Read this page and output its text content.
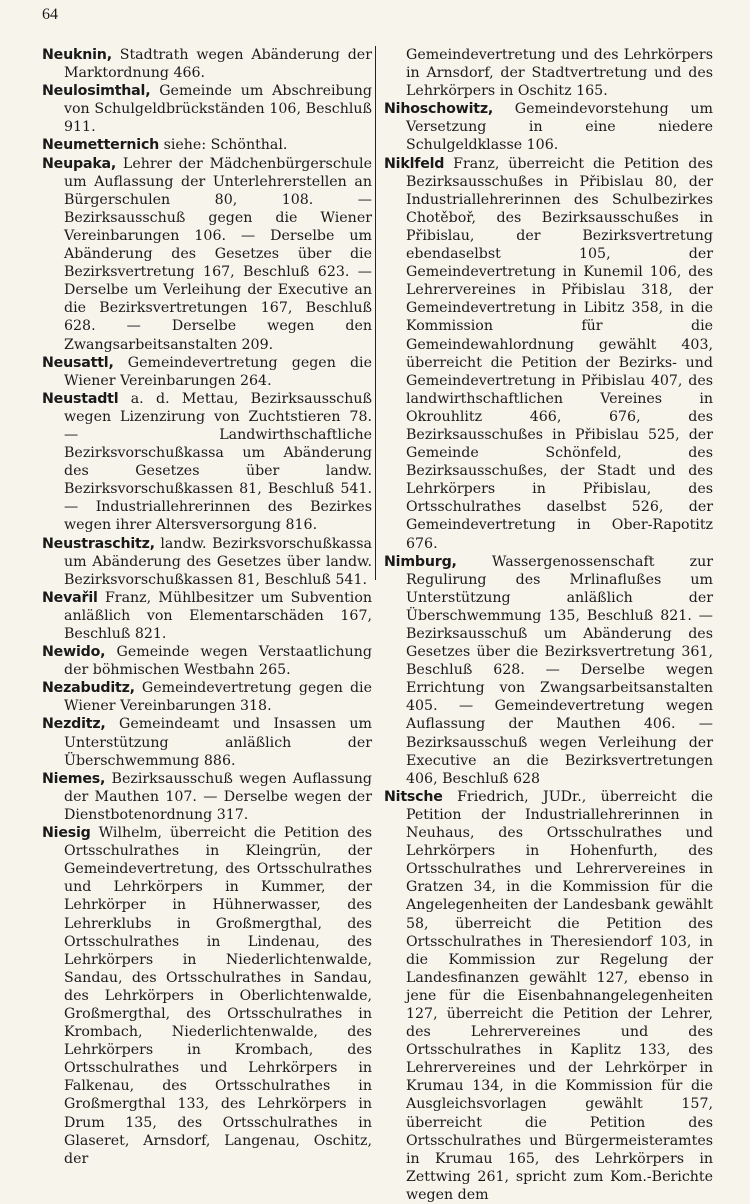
64

Neuknin, Stadtrath wegen Abänderung der Marktordnung 466.

Neulosimthal, Gemeinde um Abschreibung von Schulgeldbrückständen 106, Beschluß 911.

Neumetternich siehe: Schönthal.

Neupaka, Lehrer der Mädchenbürgerschule um Auflassung der Unterlehrerstellen an Bürgerschulen 80, 108. — Bezirksausschuß gegen die Wiener Vereinbarungen 106. — Derselbe um Abänderung des Gesetzes über die Bezirksvertretung 167, Beschluß 623. — Derselbe um Verleihung der Executive an die Bezirksvertretungen 167, Beschluß 628. — Derselbe wegen den Zwangsarbeitsanstalten 209.

Neusattl, Gemeindevertretung gegen die Wiener Vereinbarungen 264.

Neustadtl a. d. Mettau, Bezirksausschuß wegen Lizenzirung von Zuchtstieren 78. — Landwirthschaftliche Bezirksvorschußkassa um Abänderung des Gesetzes über landw. Bezirksvorschußkassen 81, Beschluß 541. — Industriallehrerinnen des Bezirkes wegen ihrer Altersversorgung 816.

Neustraschitz, landw. Bezirksvorschußkassa um Abänderung des Gesetzes über landw. Bezirksvorschußkassen 81, Beschluß 541.

Nevařil Franz, Mühlbesitzer um Subvention anläßlich von Elementarschäden 167, Beschluß 821.

Newido, Gemeinde wegen Verstaatlichung der böhmischen Westbahn 265.

Nezabuditz, Gemeindevertretung gegen die Wiener Vereinbarungen 318.

Nezditz, Gemeindeamt und Insassen um Unterstützung anläßlich der Überschwemmung 886.

Niemes, Bezirksausschuß wegen Auflassung der Mauthen 107. — Derselbe wegen der Dienstbotenordnung 317.

Niesig Wilhelm, überreicht die Petition des Ortsschulrathes in Kleingrün, der Gemeindevertretung, des Ortsschulrathes und Lehrkörpers in Kummer, der Lehrkörper in Hühnerwasser, des Lehrerklubs in Großmergthal, des Ortsschulrathes in Lindenau, des Lehrkörpers in Niederlichtenwalde, Sandau, des Ortsschulrathes in Sandau, des Lehrkörpers in Oberlichtenwalde, Großmergthal, des Ortsschulrathes in Krombach, Niederlichtenwalde, des Lehrkörpers in Krombach, des Ortsschulrathes und Lehrkörpers in Falkenau, des Ortsschulrathes in Großmergthal 133, des Lehrkörpers in Drum 135, des Ortsschulrathes in Glaseret, Arnsdorf, Langenau, Oschitz, der

Gemeindevertretung und des Lehrkörpers in Arnsdorf, der Stadtvertretung und des Lehrkörpers in Oschitz 165.

Nihoschowitz, Gemeindevorstehung um Versetzung in eine niedere Schulgeldklasse 106.

Niklfeld Franz, überreicht die Petition des Bezirksausschußes in Přibislau 80, der Industriallehrerinnen des Schulbezirkes Chotěboř, des Bezirksausschußes in Přibislau, der Bezirksvertretung ebendaselbst 105, der Gemeindevertretung in Kunemil 106, des Lehrervereines in Přibislau 318, der Gemeindevertretung in Libitz 358, in die Kommission für die Gemeindewahlordnung gewählt 403, überreicht die Petition der Bezirks- und Gemeindevertretung in Přibislau 407, des landwirthschaftlichen Vereines in Okrouhlitz 466, 676, des Bezirksausschußes in Přibislau 525, der Gemeinde Schönfeld, des Bezirksausschußes, der Stadt und des Lehrkörpers in Přibislau, des Ortsschulrathes daselbst 526, der Gemeindevertretung in Ober-Rapotitz 676.

Nimburg, Wassergenossenschaft zur Regulirung des Mrlinaflußes um Unterstützung anläßlich der Überschwemmung 135, Beschluß 821. — Bezirksausschuß um Abänderung des Gesetzes über die Bezirksvertretung 361, Beschluß 628. — Derselbe wegen Errichtung von Zwangsarbeitsanstalten 405. — Gemeindevertretung wegen Auflassung der Mauthen 406. — Bezirksausschuß wegen Verleihung der Executive an die Bezirksvertretungen 406, Beschluß 628

Nitsche Friedrich, JUDr., überreicht die Petition der Industriallehrerinnen in Neuhaus, des Ortsschulrathes und Lehrkörpers in Hohenfurth, des Ortsschulrathes und Lehrervereines in Gratzen 34, in die Kommission für die Angelegenheiten der Landesbank gewählt 58, überreicht die Petition des Ortsschulrathes in Theresiendorf 103, in die Kommission zur Regelung der Landesfinanzen gewählt 127, ebenso in jene für die Eisenbahnangelegenheiten 127, überreicht die Petition der Lehrer, des Lehrervereines und des Ortsschulrathes in Kaplitz 133, des Lehrervereines und der Lehrkörper in Krumau 134, in die Kommission für die Ausgleichsvorlagen gewählt 157, überreicht die Petition des Ortsschulrathes und Bürgermeisteramtes in Krumau 165, des Lehrkörpers in Zettwing 261, spricht zum Kom.-Berichte wegen dem
